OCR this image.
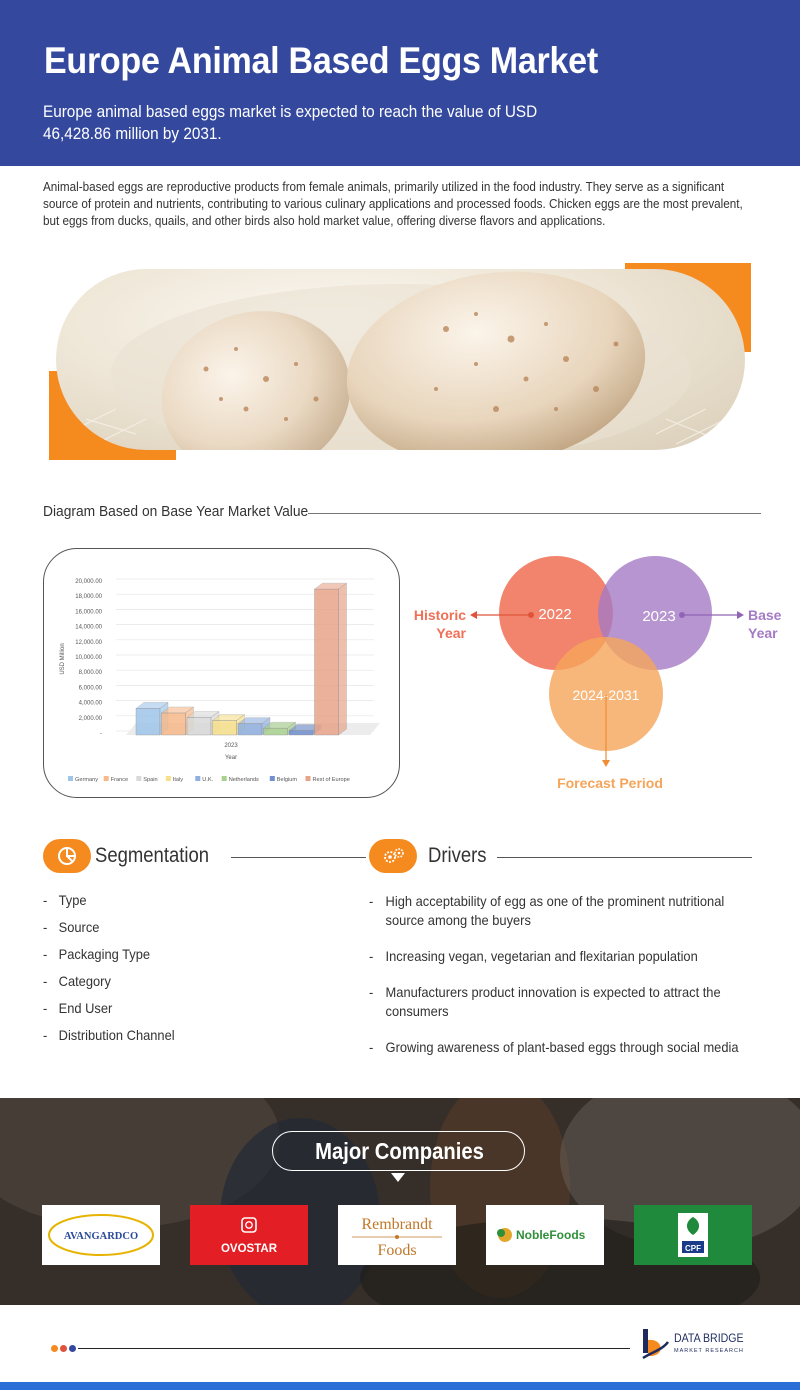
Europe Animal Based Eggs Market
Europe animal based eggs market is expected to reach the value of USD 46,428.86 million by 2031.
Animal-based eggs are reproductive products from female animals, primarily utilized in the food industry. They serve as a significant source of protein and nutrients, contributing to various culinary applications and processed foods. Chicken eggs are the most prevalent, but eggs from ducks, quails, and other birds also hold market value, offering diverse flavors and applications.
Diagram Based on Base Year Market Value
20,000.00
18,000.00
16,000.00
14,000.00
12,000.00
10,000.00
8,000.00
6,000.00
4,000.00
2,000.00
-
USD Million
2023
Year
Germany France	Spain	Italy	U.K.	Netherlands	Belgium	Rest of Europe
2022	2023
2024-2031
Historic
Year
Base
Year
Forecast Period
Segmentation
- Type
- Source
- Packaging Type
- Category
- End User
- Distribution Channel
Drivers
- High acceptability of egg as one of the prominent nutritional source among the buyers
- Increasing vegan, vegetarian and flexitarian population
- Manufacturers product innovation is expected to attract the consumers
- Growing awareness of plant-based eggs through social media
Major Companies
AVANGARDCO
OVOSTAR
Rembrandt
Foods
NobleFoods
CPF
DATA BRIDGE
MARKET RESEARCH
